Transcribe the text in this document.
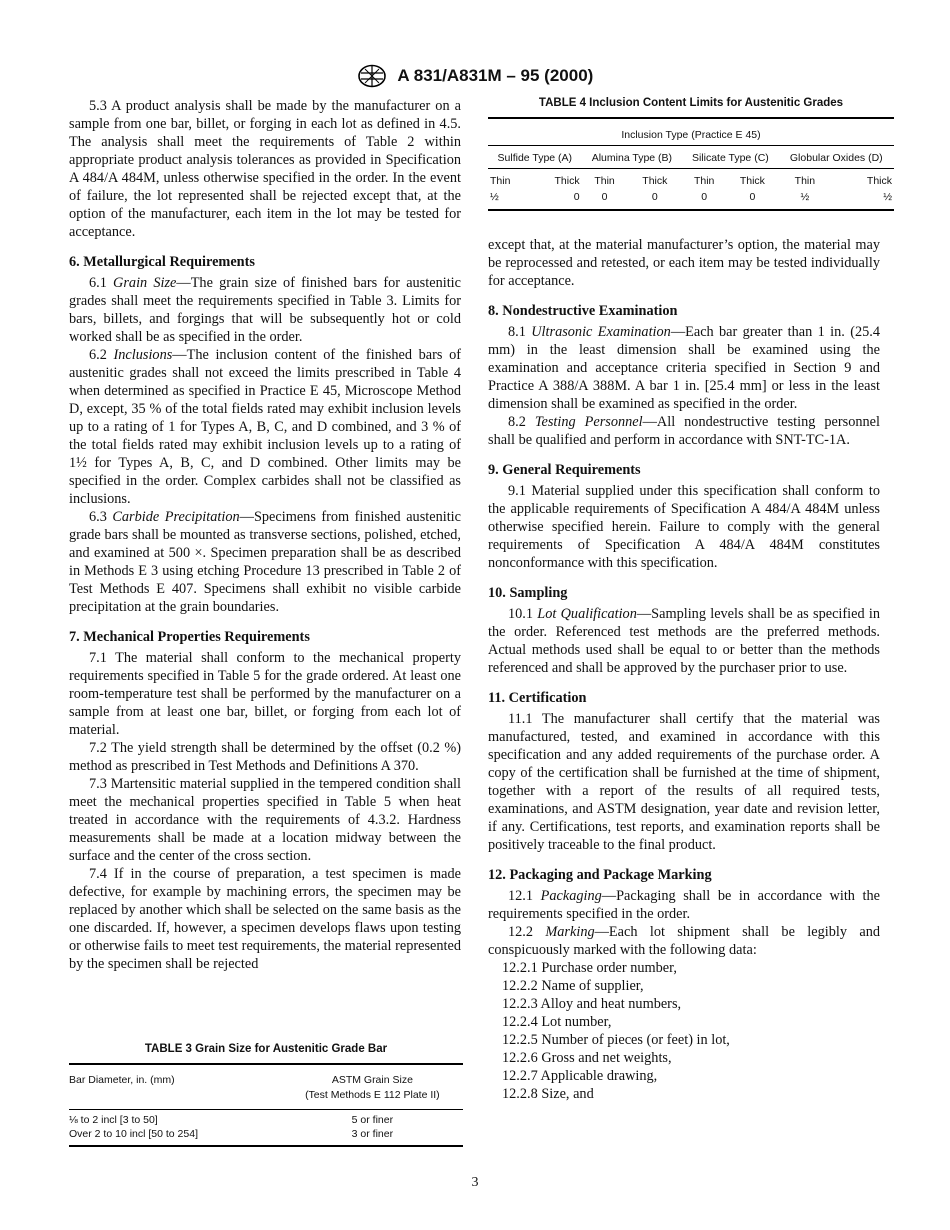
A 831/A831M – 95 (2000)
5.3 A product analysis shall be made by the manufacturer on a sample from one bar, billet, or forging in each lot as defined in 4.5. The analysis shall meet the requirements of Table 2 within appropriate product analysis tolerances as provided in Specification A 484/A 484M, unless otherwise specified in the order. In the event of failure, the lot represented shall be rejected except that, at the option of the manufacturer, each item in the lot may be tested for acceptance.
6. Metallurgical Requirements
6.1 Grain Size—The grain size of finished bars for austenitic grades shall meet the requirements specified in Table 3. Limits for bars, billets, and forgings that will be subsequently hot or cold worked shall be as specified in the order.
6.2 Inclusions—The inclusion content of the finished bars of austenitic grades shall not exceed the limits prescribed in Table 4 when determined as specified in Practice E 45, Microscope Method D, except, 35 % of the total fields rated may exhibit inclusion levels up to a rating of 1 for Types A, B, C, and D combined, and 3 % of the total fields rated may exhibit inclusion levels up to a rating of 1½ for Types A, B, C, and D combined. Other limits may be specified in the order. Complex carbides shall not be classified as inclusions.
6.3 Carbide Precipitation—Specimens from finished austenitic grade bars shall be mounted as transverse sections, polished, etched, and examined at 500 ×. Specimen preparation shall be as described in Methods E 3 using etching Procedure 13 prescribed in Table 2 of Test Methods E 407. Specimens shall exhibit no visible carbide precipitation at the grain boundaries.
7. Mechanical Properties Requirements
7.1 The material shall conform to the mechanical property requirements specified in Table 5 for the grade ordered. At least one room-temperature test shall be performed by the manufacturer on a sample from at least one bar, billet, or forging from each lot of material.
7.2 The yield strength shall be determined by the offset (0.2 %) method as prescribed in Test Methods and Definitions A 370.
7.3 Martensitic material supplied in the tempered condition shall meet the mechanical properties specified in Table 5 when heat treated in accordance with the requirements of 4.3.2. Hardness measurements shall be made at a location midway between the surface and the center of the cross section.
7.4 If in the course of preparation, a test specimen is made defective, for example by machining errors, the specimen may be replaced by another which shall be selected on the same basis as the one discarded. If, however, a specimen develops flaws upon testing or otherwise fails to meet test requirements, the material represented by the specimen shall be rejected
TABLE 3 Grain Size for Austenitic Grade Bar
Bar Diameter, in. (mm)	ASTM Grain Size
(Test Methods E 112 Plate II)
⅛ to 2 incl [3 to 50]	5 or finer
Over 2 to 10 incl [50 to 254]	3 or finer
TABLE 4 Inclusion Content Limits for Austenitic Grades
Inclusion Type (Practice E 45)							
Sulfide Type (A)		Alumina Type (B)		Silicate Type (C)		Globular Oxides (D)	
Thin	Thick	Thin	Thick	Thin	Thick	Thin	Thick
½	0	0	0	0	0	½	½
except that, at the material manufacturer’s option, the material may be reprocessed and retested, or each item may be tested individually for acceptance.
8. Nondestructive Examination
8.1 Ultrasonic Examination—Each bar greater than 1 in. (25.4 mm) in the least dimension shall be examined using the examination and acceptance criteria specified in Section 9 and Practice A 388/A 388M. A bar 1 in. [25.4 mm] or less in the least dimension shall be examined as specified in the order.
8.2 Testing Personnel—All nondestructive testing personnel shall be qualified and perform in accordance with SNT-TC-1A.
9. General Requirements
9.1 Material supplied under this specification shall conform to the applicable requirements of Specification A 484/A 484M unless otherwise specified herein. Failure to comply with the general requirements of Specification A 484/A 484M constitutes nonconformance with this specification.
10. Sampling
10.1 Lot Qualification—Sampling levels shall be as specified in the order. Referenced test methods are the preferred methods. Actual methods used shall be equal to or better than the methods referenced and shall be approved by the purchaser prior to use.
11. Certification
11.1 The manufacturer shall certify that the material was manufactured, tested, and examined in accordance with this specification and any added requirements of the purchase order. A copy of the certification shall be furnished at the time of shipment, together with a report of the results of all required tests, examinations, and ASTM designation, year date and revision letter, if any. Certifications, test reports, and examination reports shall be positively traceable to the final product.
12. Packaging and Package Marking
12.1 Packaging—Packaging shall be in accordance with the requirements specified in the order.
12.2 Marking—Each lot shipment shall be legibly and conspicuously marked with the following data:
12.2.1 Purchase order number,
12.2.2 Name of supplier,
12.2.3 Alloy and heat numbers,
12.2.4 Lot number,
12.2.5 Number of pieces (or feet) in lot,
12.2.6 Gross and net weights,
12.2.7 Applicable drawing,
12.2.8 Size, and
3
